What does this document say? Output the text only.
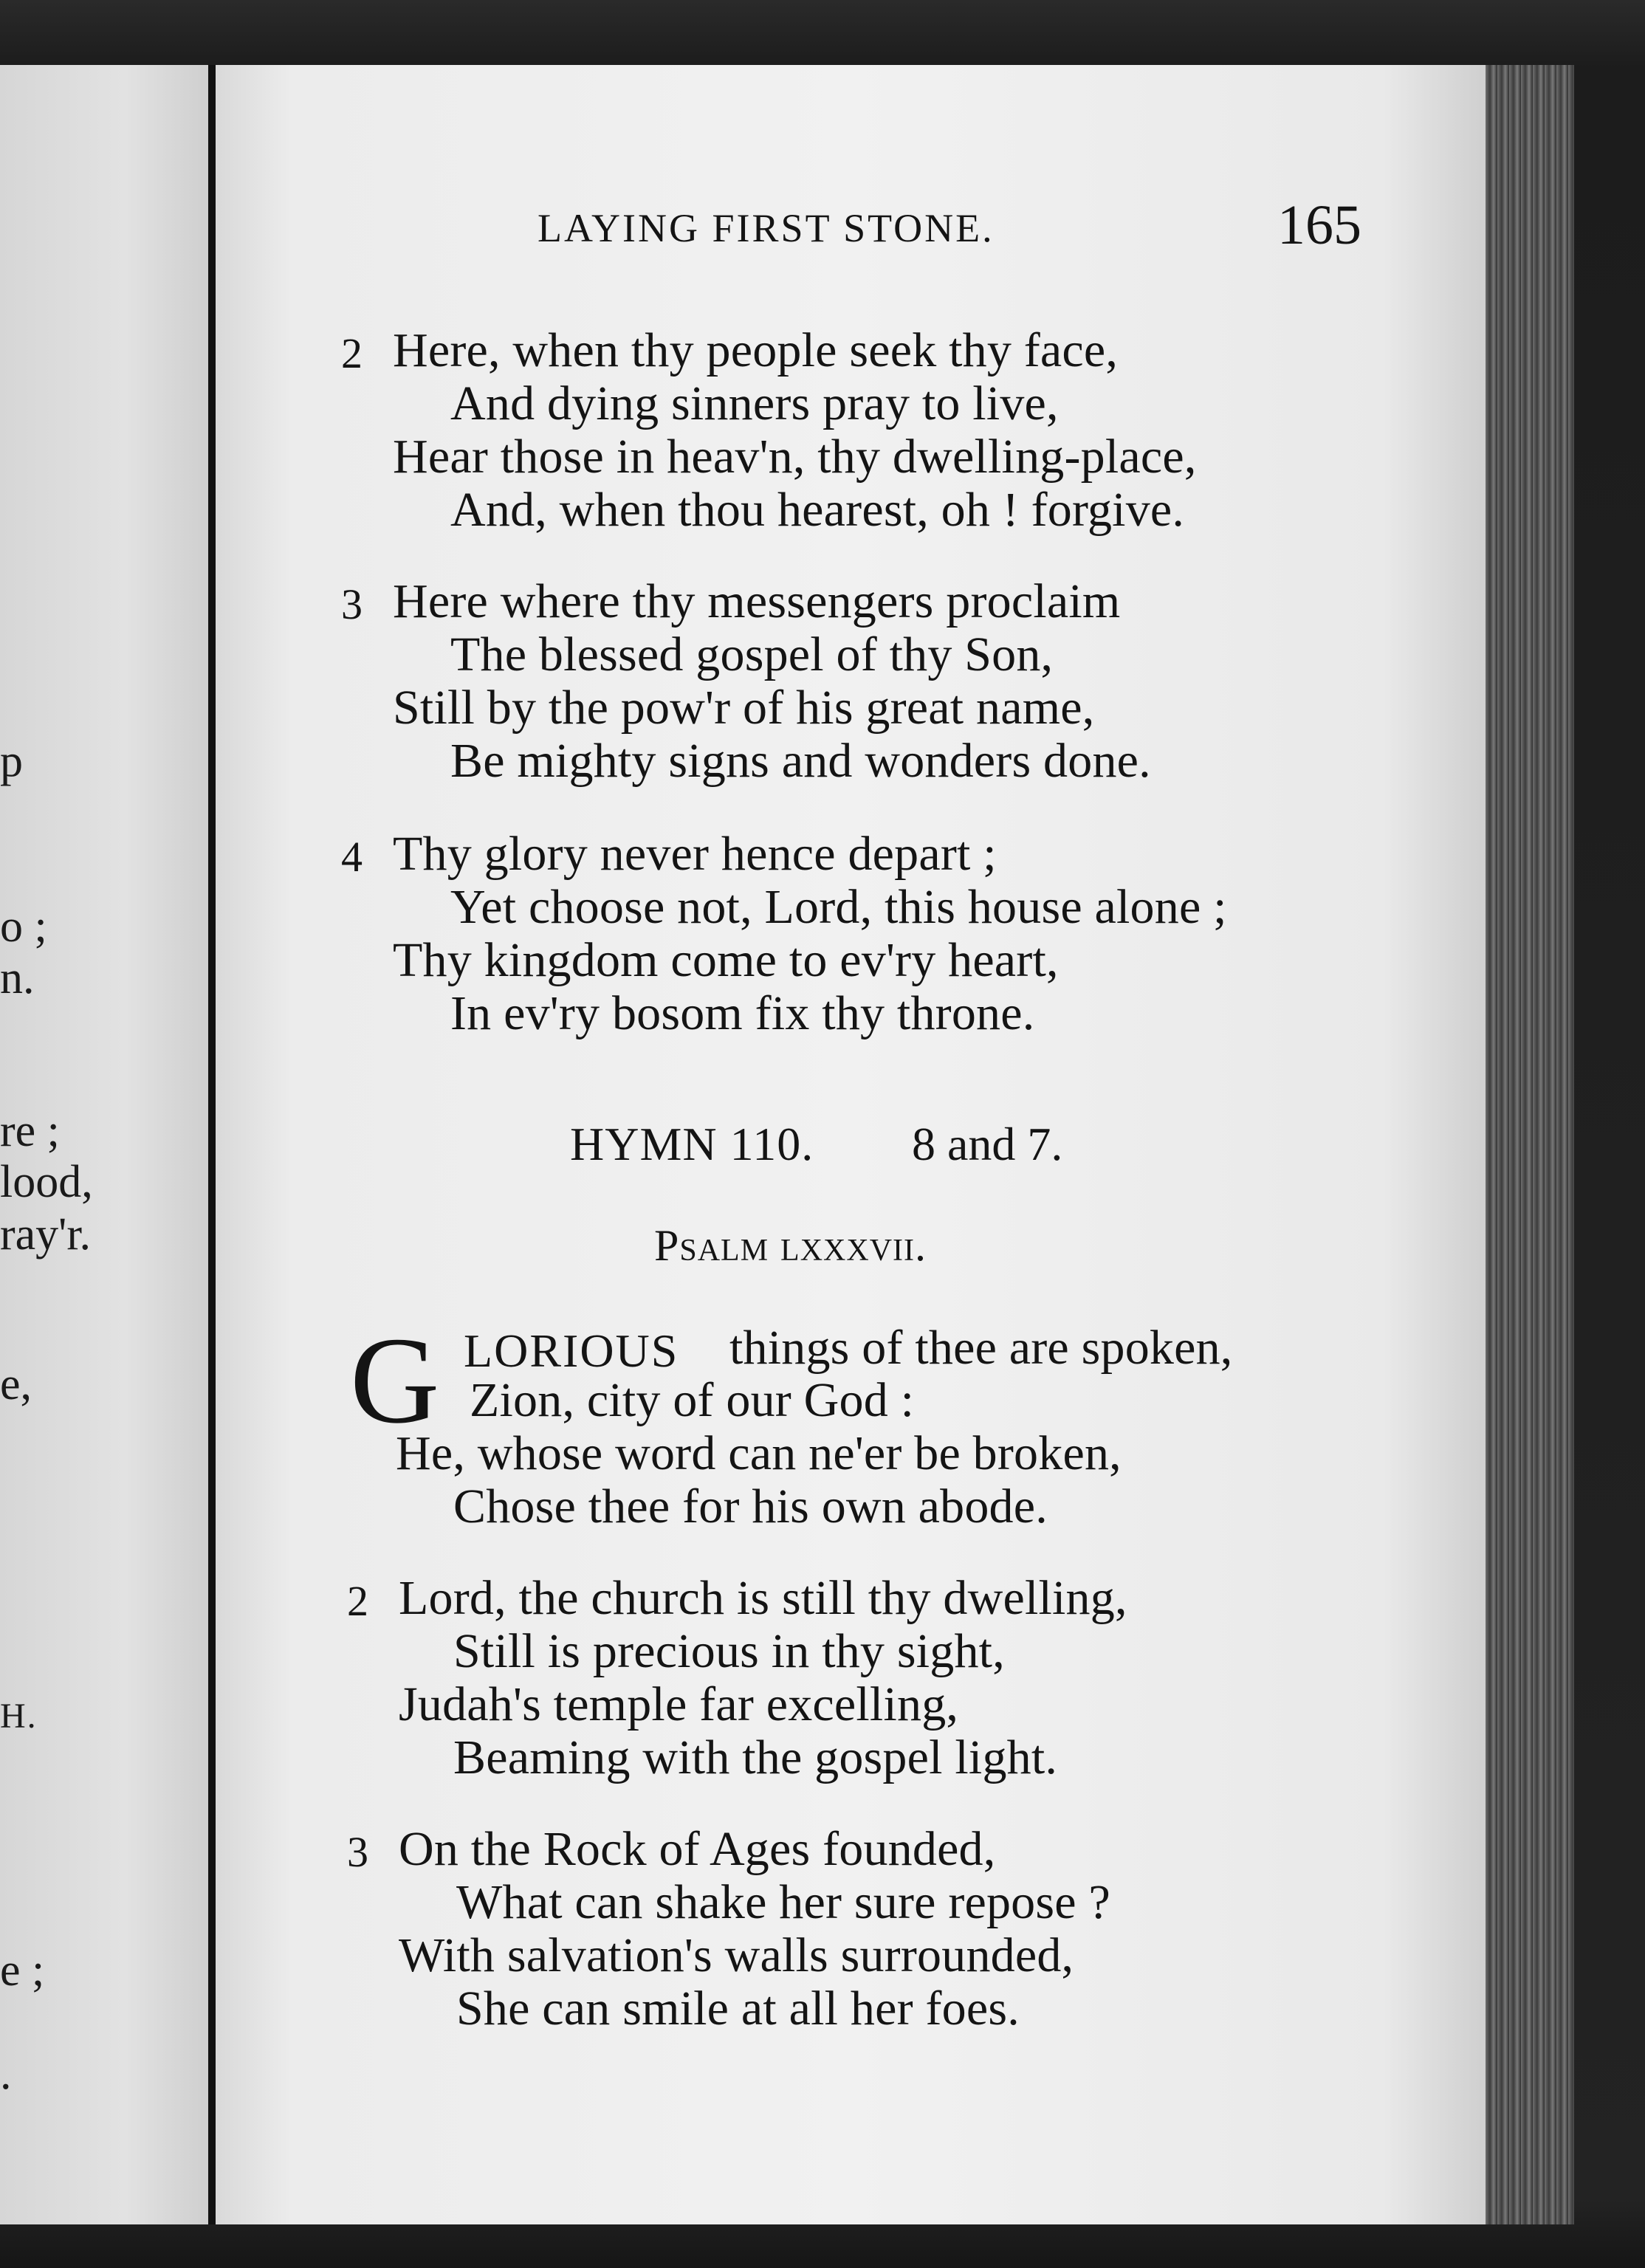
p
o ;
n.
re ;
lood,
ray'r.
e,
H.
e ;
.
LAYING FIRST STONE.	165
2 Here, when thy people seek thy face,
And dying sinners pray to live,
Hear those in heav'n, thy dwelling-place,
And, when thou hearest, oh ! forgive.
3 Here where thy messengers proclaim
The blessed gospel of thy Son,
Still by the pow'r of his great name,
Be mighty signs and wonders done.
4 Thy glory never hence depart ;
Yet choose not, Lord, this house alone ;
Thy kingdom come to ev'ry heart,
In ev'ry bosom fix thy throne.
HYMN 110. 8 and 7.
Psalm lxxxvii.
G LORIOUS things of thee are spoken,
Zion, city of our God :
He, whose word can ne'er be broken,
Chose thee for his own abode.
2 Lord, the church is still thy dwelling,
Still is precious in thy sight,
Judah's temple far excelling,
Beaming with the gospel light.
3 On the Rock of Ages founded,
What can shake her sure repose ?
With salvation's walls surrounded,
She can smile at all her foes.
